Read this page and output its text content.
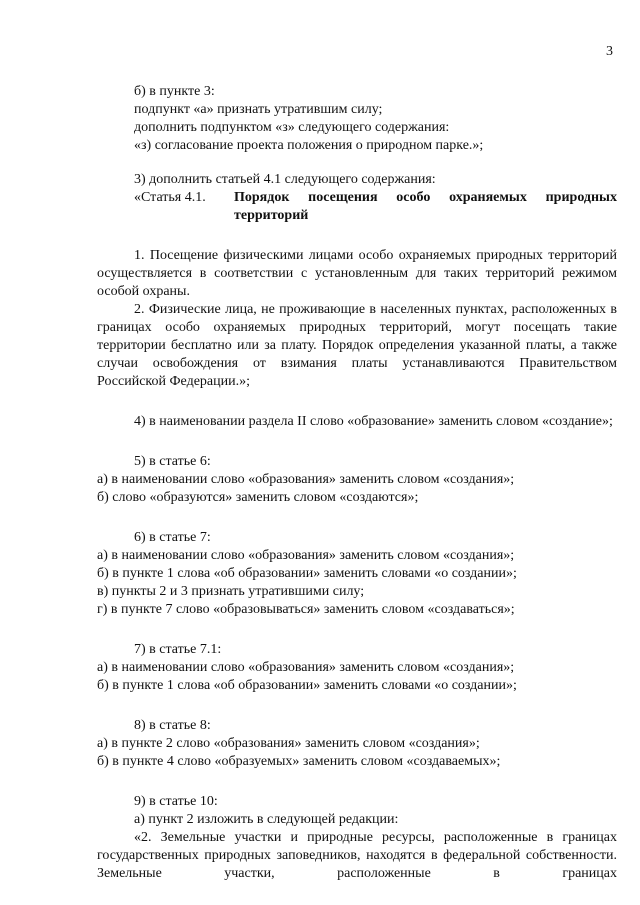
3
б) в пункте 3:
подпункт «а» признать утратившим силу;
дополнить подпунктом «з» следующего содержания:
«з) согласование проекта положения о природном парке.»;
3) дополнить статьей 4.1 следующего содержания:
«Статья 4.1.	Порядок посещения особо охраняемых природных
территорий
1. Посещение физическими лицами особо охраняемых природных территорий осуществляется в соответствии с установленным для таких территорий режимом особой охраны.
2. Физические лица, не проживающие в населенных пунктах, расположенных в границах особо охраняемых природных территорий, могут посещать такие территории бесплатно или за плату. Порядок определения указанной платы, а также случаи освобождения от взимания платы устанавливаются Правительством Российской Федерации.»;
4) в наименовании раздела II слово «образование» заменить словом «создание»;
5) в статье 6:
а) в наименовании слово «образования» заменить словом «создания»;
б) слово «образуются» заменить словом «создаются»;
6) в статье 7:
а) в наименовании слово «образования» заменить словом «создания»;
б) в пункте 1 слова «об образовании» заменить словами «о создании»;
в) пункты 2 и 3 признать утратившими силу;
г) в пункте 7 слово «образовываться» заменить словом «создаваться»;
7) в статье 7.1:
а) в наименовании слово «образования» заменить словом «создания»;
б) в пункте 1 слова «об образовании» заменить словами «о создании»;
8) в статье 8:
а) в пункте 2 слово «образования» заменить словом «создания»;
б) в пункте 4 слово «образуемых» заменить словом «создаваемых»;
9) в статье 10:
а) пункт 2 изложить в следующей редакции:
«2. Земельные участки и природные ресурсы, расположенные в границах государственных природных заповедников, находятся в федеральной собственности. Земельные участки, расположенные в границах
